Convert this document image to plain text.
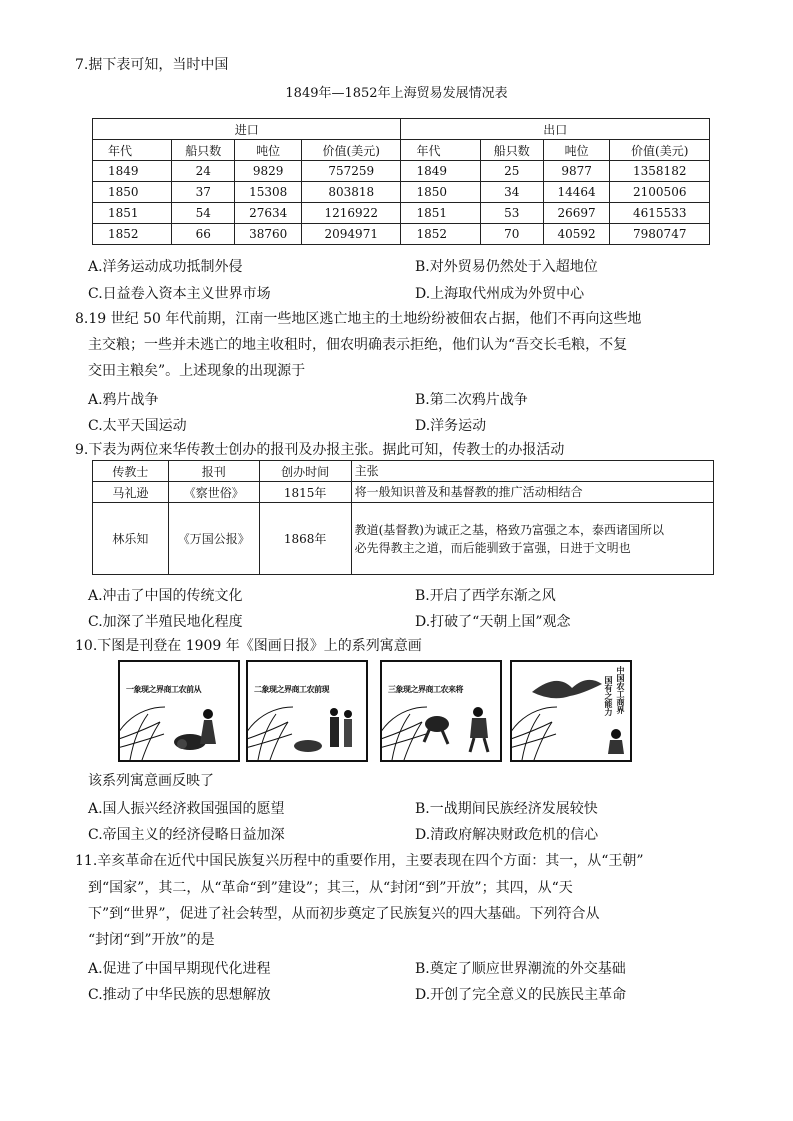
7.据下表可知，当时中国
1849年—1852年上海贸易发展情况表
进口				出口			
年代	船只数	吨位	价值(美元)	年代	船只数	吨位	价值(美元)
1849	24	9829	757259	1849	25	9877	1358182
1850	37	15308	803818	1850	34	14464	2100506
1851	54	27634	1216922	1851	53	26697	4615533
1852	66	38760	2094971	1852	70	40592	7980747
A.洋务运动成功抵制外侵	B.对外贸易仍然处于入超地位
C.日益卷入资本主义世界市场	D.上海取代州成为外贸中心
8.19 世纪 50 年代前期，江南一些地区逃亡地主的土地纷纷被佃农占据，他们不再向这些地
主交粮；一些并未逃亡的地主收租时，佃农明确表示拒绝，他们认为“吾交长毛粮，不复
交田主粮矣”。上述现象的出现源于
A.鸦片战争	B.第二次鸦片战争
C.太平天国运动	D.洋务运动
9.下表为两位来华传教士创办的报刊及办报主张。据此可知，传教士的办报活动
传教士	报刊	创办时间	主张
马礼逊	《察世俗》	1815年	将一般知识普及和基督教的推广活动相结合
林乐知	《万国公报》	1868年	教道(基督教)为诚正之基，格致乃富强之本，泰西诸国所以
必先得教主之道，而后能驯致于富强，日进于文明也
A.冲击了中国的传统文化	B.开启了西学东渐之风
C.加深了半殖民地化程度	D.打破了“天朝上国”观念
10.下图是刊登在 1909 年《图画日报》上的系列寓意画
一象现之界商工农前从	二象现之界商工农前现	三象现之界商工农来将	中国农工商界
国有之能力
该系列寓意画反映了
A.国人振兴经济救国强国的愿望	B.一战期间民族经济发展较快
C.帝国主义的经济侵略日益加深	D.清政府解决财政危机的信心
11.辛亥革命在近代中国民族复兴历程中的重要作用，主要表现在四个方面：其一，从“王朝”
到“国家”，其二，从“革命“到”建设”；其三，从“封闭“到”开放”；其四，从“天
下”到“世界”，促进了社会转型，从而初步奠定了民族复兴的四大基础。下列符合从
“封闭“到”开放”的是
A.促进了中国早期现代化进程	B.奠定了顺应世界潮流的外交基础
C.推动了中华民族的思想解放	D.开创了完全意义的民族民主革命
